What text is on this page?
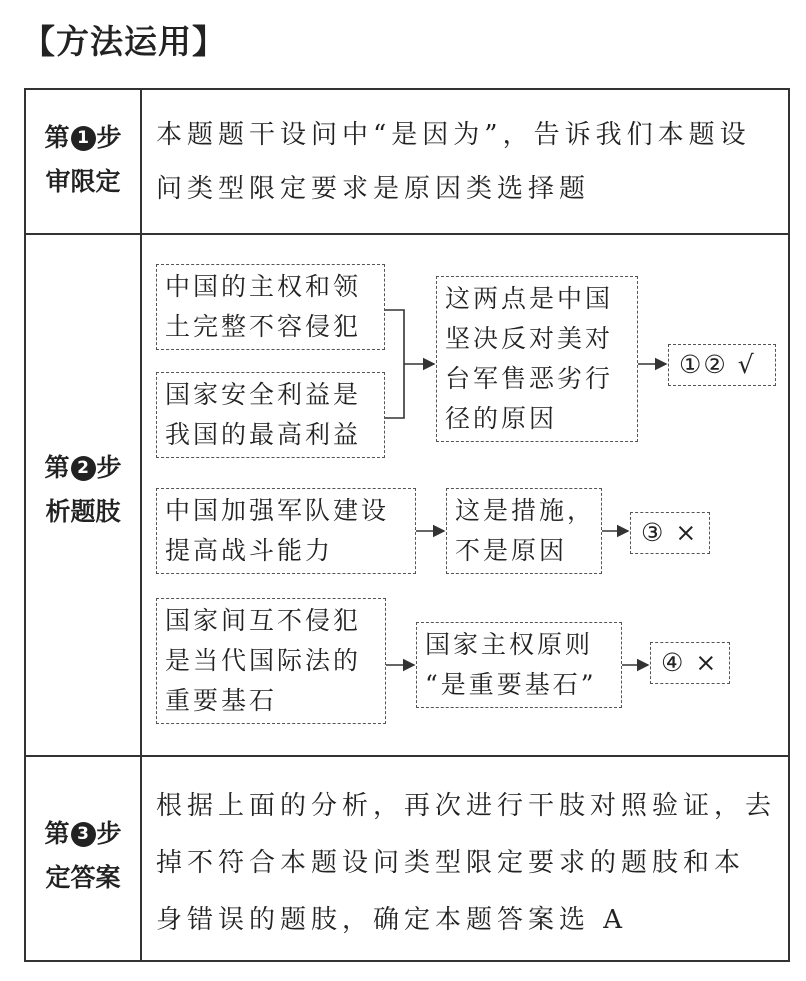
【方法运用】
第 1 步
审限定
本题题干设问中“是因为”，告诉我们本题设
问类型限定要求是原因类选择题
第 2 步
析题肢
中国的主权和领
土完整不容侵犯
国家安全利益是
我国的最高利益
这两点是中国
坚决反对美对
台军售恶劣行
径的原因
①② √
中国加强军队建设
提高战斗能力
这是措施，
不是原因
③ ×
国家间互不侵犯
是当代国际法的
重要基石
国家主权原则
“是重要基石”
④ ×
第 3 步
定答案
根据上面的分析，再次进行干肢对照验证，去
掉不符合本题设问类型限定要求的题肢和本
身错误的题肢，确定本题答案选 A
